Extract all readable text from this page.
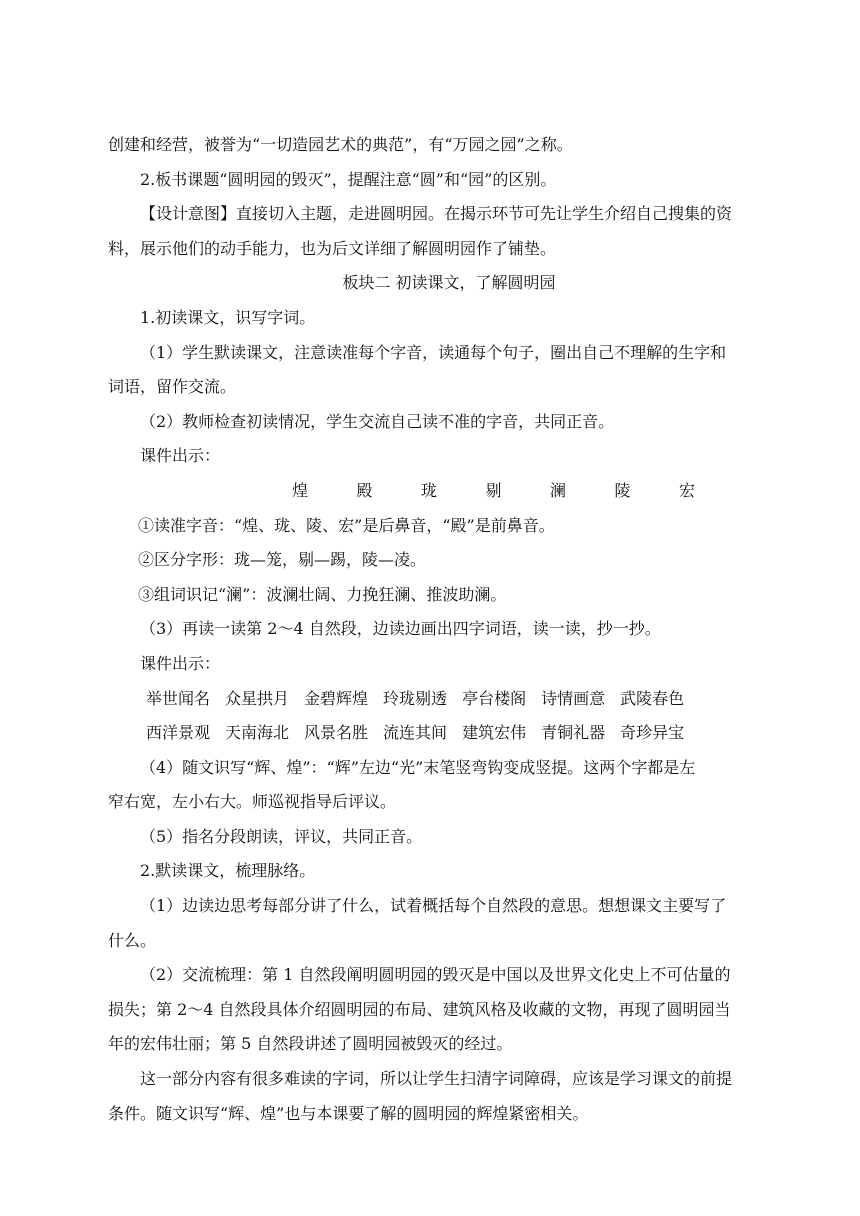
创建和经营，被誉为“一切造园艺术的典范”，有“万园之园”之称。
2.板书课题“圆明园的毁灭”，提醒注意“圆”和“园”的区别。
【设计意图】直接切入主题，走进圆明园。在揭示环节可先让学生介绍自己搜集的资
料，展示他们的动手能力，也为后文详细了解圆明园作了铺垫。
板块二 初读课文，了解圆明园
1.初读课文，识写字词。
（1）学生默读课文，注意读准每个字音，读通每个句子，圈出自己不理解的生字和
词语，留作交流。
（2）教师检查初读情况，学生交流自己读不准的字音，共同正音。
课件出示：
煌	殿	珑	剔	澜	陵	宏
①读准字音：“煌、珑、陵、宏”是后鼻音，“殿”是前鼻音。
②区分字形：珑—笼，剔—踢，陵—凌。
③组词识记“澜”：波澜壮阔、力挽狂澜、推波助澜。
（3）再读一读第 2～4 自然段，边读边画出四字词语，读一读，抄一抄。
课件出示：
举世闻名 众星拱月 金碧辉煌 玲珑剔透 亭台楼阁 诗情画意 武陵春色
西洋景观 天南海北 风景名胜 流连其间 建筑宏伟 青铜礼器 奇珍异宝
（4）随文识写“辉、煌”：“辉”左边“光”末笔竖弯钩变成竖提。这两个字都是左
窄右宽，左小右大。师巡视指导后评议。
（5）指名分段朗读，评议，共同正音。
2.默读课文，梳理脉络。
（1）边读边思考每部分讲了什么，试着概括每个自然段的意思。想想课文主要写了
什么。
（2）交流梳理：第 1 自然段阐明圆明园的毁灭是中国以及世界文化史上不可估量的
损失；第 2～4 自然段具体介绍圆明园的布局、建筑风格及收藏的文物，再现了圆明园当
年的宏伟壮丽；第 5 自然段讲述了圆明园被毁灭的经过。
这一部分内容有很多难读的字词，所以让学生扫清字词障碍，应该是学习课文的前提
条件。随文识写“辉、煌”也与本课要了解的圆明园的辉煌紧密相关。
